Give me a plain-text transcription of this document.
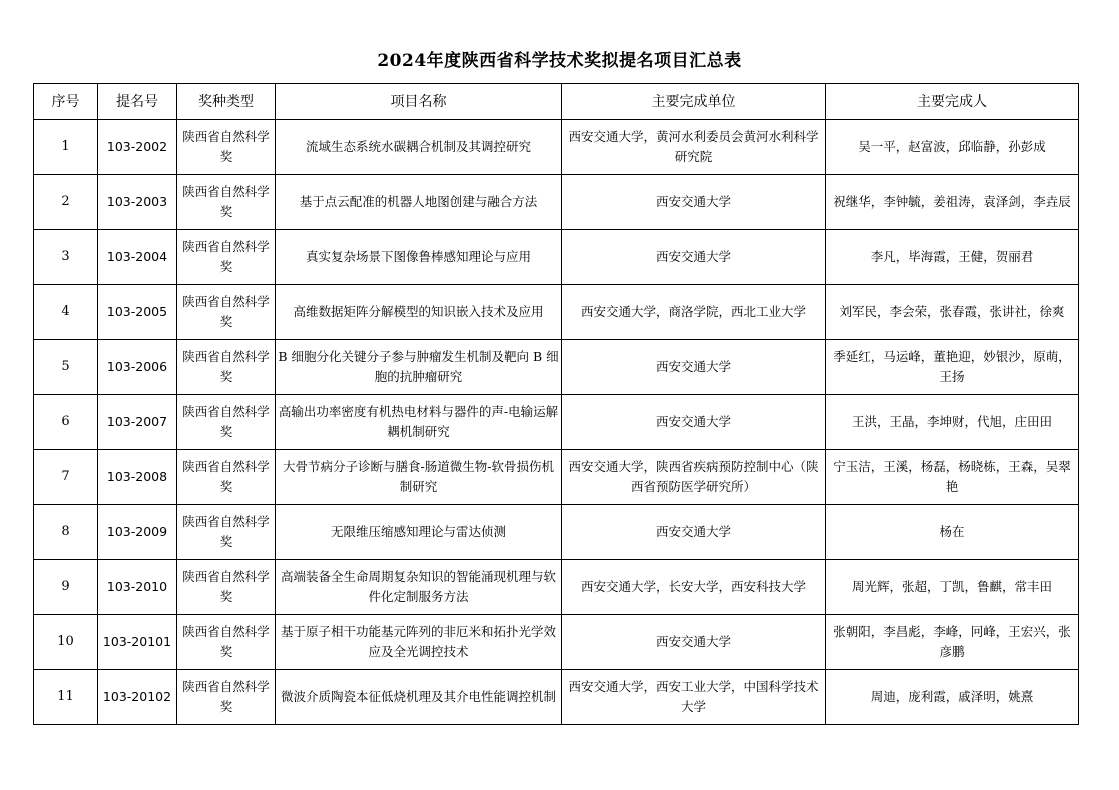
2024年度陕西省科学技术奖拟提名项目汇总表
序号	提名号	奖种类型	项目名称	主要完成单位	主要完成人
1	103-2002	陕西省自然科学奖	流域生态系统水碳耦合机制及其调控研究	西安交通大学，黄河水利委员会黄河水利科学研究院	吴一平，赵富波，邱临静，孙彭成
2	103-2003	陕西省自然科学奖	基于点云配准的机器人地图创建与融合方法	西安交通大学	祝继华，李钟毓，姜祖涛，袁泽剑，李垚辰
3	103-2004	陕西省自然科学奖	真实复杂场景下图像鲁棒感知理论与应用	西安交通大学	李凡，毕海霞，王健，贺丽君
4	103-2005	陕西省自然科学奖	高维数据矩阵分解模型的知识嵌入技术及应用	西安交通大学，商洛学院，西北工业大学	刘军民，李会荣，张春霞，张讲社，徐爽
5	103-2006	陕西省自然科学奖	B 细胞分化关键分子参与肿瘤发生机制及靶向 B 细胞的抗肿瘤研究	西安交通大学	季延红，马运峰，董艳迎，妙银沙，原萌，王扬
6	103-2007	陕西省自然科学奖	高输出功率密度有机热电材料与器件的声-电输运解耦机制研究	西安交通大学	王洪，王晶，李坤财，代旭，庄田田
7	103-2008	陕西省自然科学奖	大骨节病分子诊断与膳食-肠道微生物-软骨损伤机制研究	西安交通大学，陕西省疾病预防控制中心（陕西省预防医学研究所）	宁玉洁，王溪，杨磊，杨晓栋，王森，吴翠艳
8	103-2009	陕西省自然科学奖	无限维压缩感知理论与雷达侦测	西安交通大学	杨在
9	103-2010	陕西省自然科学奖	高端装备全生命周期复杂知识的智能涌现机理与软件化定制服务方法	西安交通大学，长安大学，西安科技大学	周光辉，张超，丁凯，鲁麒，常丰田
10	103-20101	陕西省自然科学奖	基于原子相干功能基元阵列的非厄米和拓扑光学效应及全光调控技术	西安交通大学	张朝阳，李昌彪，李峰，冋峰，王宏兴，张彦鹏
11	103-20102	陕西省自然科学奖	微波介质陶瓷本征低烧机理及其介电性能调控机制	西安交通大学，西安工业大学，中国科学技术大学	周迪，庞利霞，戚泽明，姚熹
